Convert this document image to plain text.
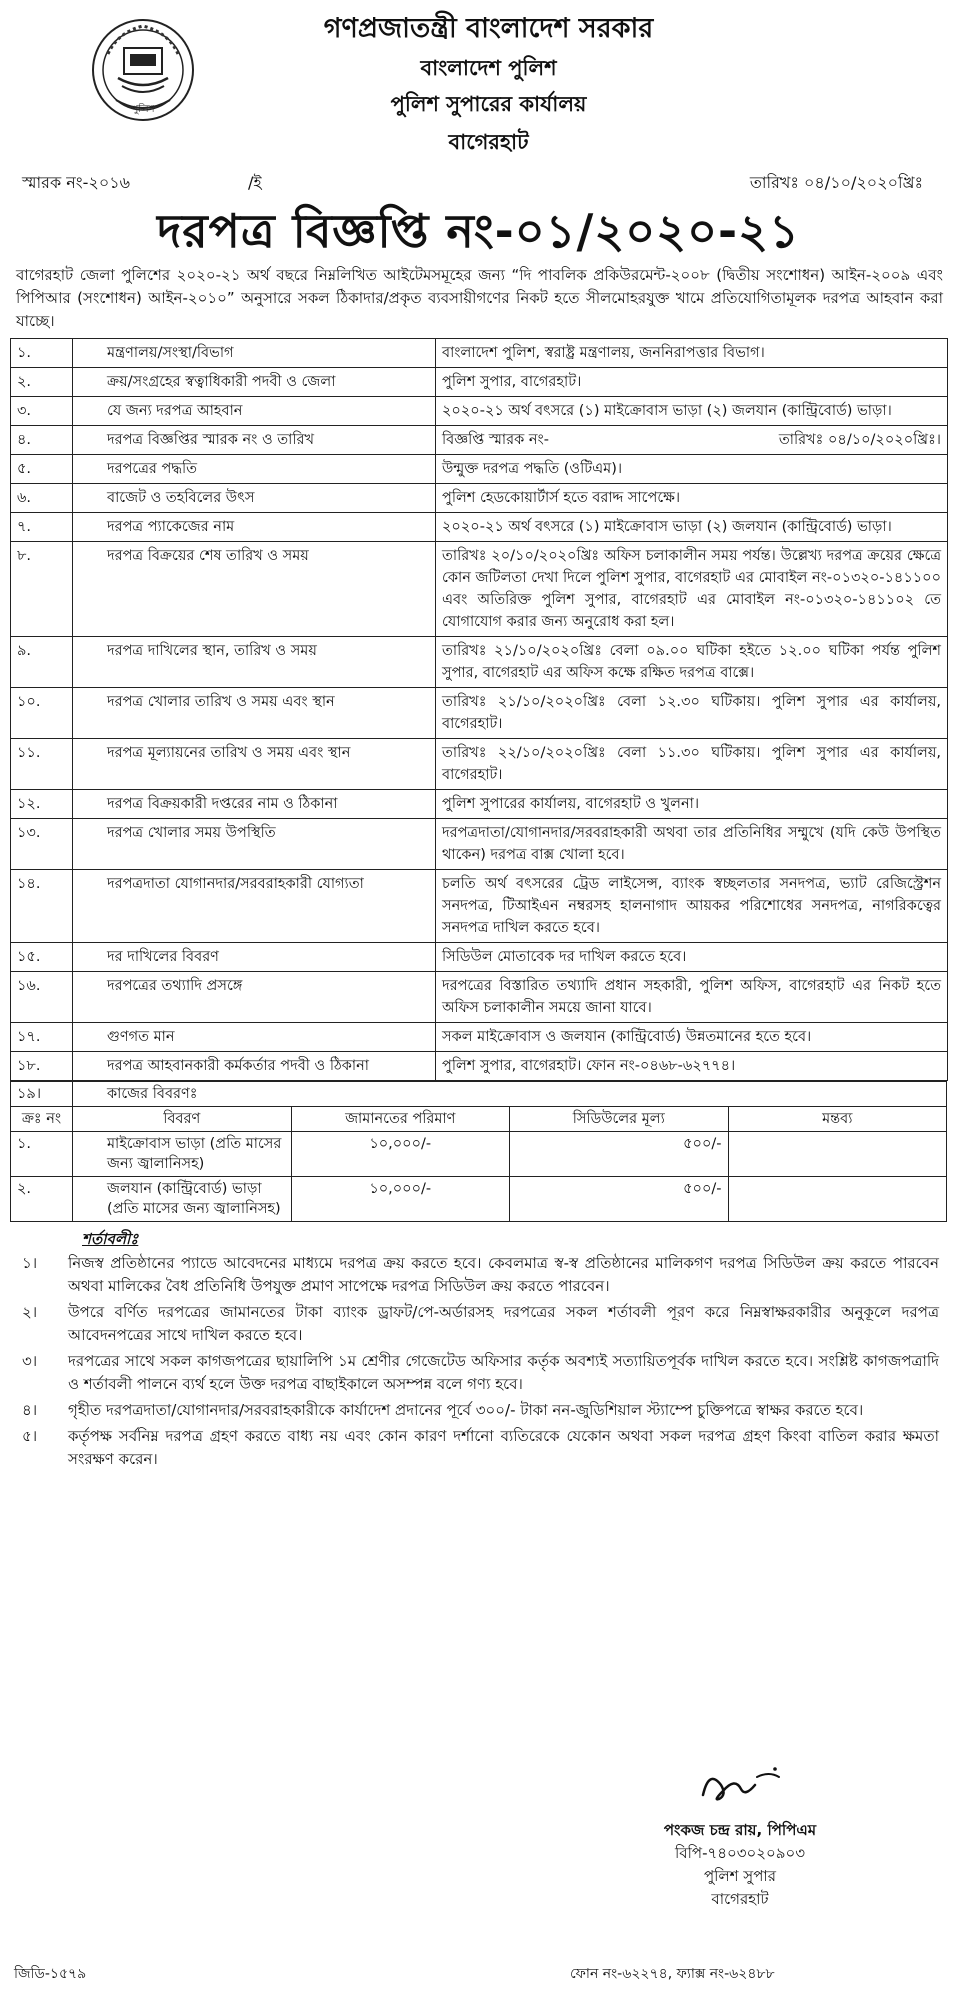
পুলিশ
গণপ্রজাতন্ত্রী বাংলাদেশ সরকার
বাংলাদেশ পুলিশ
পুলিশ সুপারের কার্যালয়
বাগেরহাট
স্মারক নং-২০১৬	/ই	তারিখঃ ০৪/১০/২০২০খ্রিঃ
দরপত্র বিজ্ঞপ্তি নং-০১/২০২০-২১
বাগেরহাট জেলা পুলিশের ২০২০-২১ অর্থ বছরে নিম্নলিখিত আইটেমসমূহের জন্য “দি পাবলিক প্রকিউরমেন্ট-২০০৮ (দ্বিতীয় সংশোধন) আইন-২০০৯ এবং পিপিআর (সংশোধন) আইন-২০১০” অনুসারে সকল ঠিকাদার/প্রকৃত ব্যবসায়ীগণের নিকট হতে সীলমোহরযুক্ত খামে প্রতিযোগিতামূলক দরপত্র আহবান করা যাচ্ছে।
১.	মন্ত্রণালয়/সংস্থা/বিভাগ	বাংলাদেশ পুলিশ, স্বরাষ্ট্র মন্ত্রণালয়, জননিরাপত্তার বিভাগ।
২.	ক্রয়/সংগ্রহের স্বত্বাধিকারী পদবী ও জেলা	পুলিশ সুপার, বাগেরহাট।
৩.	যে জন্য দরপত্র আহবান	২০২০-২১ অর্থ বৎসরে (১) মাইক্রোবাস ভাড়া (২) জলযান (কান্ট্রিবোর্ড) ভাড়া।
৪.	দরপত্র বিজ্ঞপ্তির স্মারক নং ও তারিখ	বিজ্ঞপ্তি স্মারক নং- তারিখঃ ০৪/১০/২০২০খ্রিঃ।

৫.	দরপত্রের পদ্ধতি	উন্মুক্ত দরপত্র পদ্ধতি (ওটিএম)।
৬.	বাজেট ও তহবিলের উৎস	পুলিশ হেডকোয়ার্টার্স হতে বরাদ্দ সাপেক্ষে।
৭.	দরপত্র প্যাকেজের নাম	২০২০-২১ অর্থ বৎসরে (১) মাইক্রোবাস ভাড়া (২) জলযান (কান্ট্রিবোর্ড) ভাড়া।
৮.	দরপত্র বিক্রয়ের শেষ তারিখ ও সময়	তারিখঃ ২০/১০/২০২০খ্রিঃ অফিস চলাকালীন সময় পর্যন্ত। উল্লেখ্য দরপত্র ক্রয়ের ক্ষেত্রে কোন জটিলতা দেখা দিলে পুলিশ সুপার, বাগেরহাট এর মোবাইল নং-০১৩২০-১৪১১০০ এবং অতিরিক্ত পুলিশ সুপার, বাগেরহাট এর মোবাইল নং-০১৩২০-১৪১১০২ তে যোগাযোগ করার জন্য অনুরোধ করা হল।
৯.	দরপত্র দাখিলের স্থান, তারিখ ও সময়	তারিখঃ ২১/১০/২০২০খ্রিঃ বেলা ০৯.০০ ঘটিকা হইতে ১২.০০ ঘটিকা পর্যন্ত পুলিশ সুপার, বাগেরহাট এর অফিস কক্ষে রক্ষিত দরপত্র বাক্সে।
১০.	দরপত্র খোলার তারিখ ও সময় এবং স্থান	তারিখঃ ২১/১০/২০২০খ্রিঃ বেলা ১২.৩০ ঘটিকায়। পুলিশ সুপার এর কার্যালয়, বাগেরহাট।
১১.	দরপত্র মূল্যায়নের তারিখ ও সময় এবং স্থান	তারিখঃ ২২/১০/২০২০খ্রিঃ বেলা ১১.৩০ ঘটিকায়। পুলিশ সুপার এর কার্যালয়, বাগেরহাট।
১২.	দরপত্র বিক্রয়কারী দপ্তরের নাম ও ঠিকানা	পুলিশ সুপারের কার্যালয়, বাগেরহাট ও খুলনা।
১৩.	দরপত্র খোলার সময় উপস্থিতি	দরপত্রদাতা/যোগানদার/সরবরাহকারী অথবা তার প্রতিনিধির সম্মুখে (যদি কেউ উপস্থিত থাকেন) দরপত্র বাক্স খোলা হবে।
১৪.	দরপত্রদাতা যোগানদার/সরবরাহকারী যোগ্যতা	চলতি অর্থ বৎসরের ট্রেড লাইসেন্স, ব্যাংক স্বচ্ছলতার সনদপত্র, ভ্যাট রেজিস্ট্রেশন সনদপত্র, টিআইএন নম্বরসহ হালনাগাদ আয়কর পরিশোধের সনদপত্র, নাগরিকত্বের সনদপত্র দাখিল করতে হবে।
১৫.	দর দাখিলের বিবরণ	সিডিউল মোতাবেক দর দাখিল করতে হবে।
১৬.	দরপত্রের তথ্যাদি প্রসঙ্গে	দরপত্রের বিস্তারিত তথ্যাদি প্রধান সহকারী, পুলিশ অফিস, বাগেরহাট এর নিকট হতে অফিস চলাকালীন সময়ে জানা যাবে।
১৭.	গুণগত মান	সকল মাইক্রোবাস ও জলযান (কান্ট্রিবোর্ড) উন্নতমানের হতে হবে।
১৮.	দরপত্র আহবানকারী কর্মকর্তার পদবী ও ঠিকানা	পুলিশ সুপার, বাগেরহাট। ফোন নং-০৪৬৮-৬২৭৭৪।
১৯।	কাজের বিবরণঃ			
ক্রঃ নং	বিবরণ	জামানতের পরিমাণ	সিডিউলের মূল্য	মন্তব্য
১.	মাইক্রোবাস ভাড়া (প্রতি মাসের জন্য জ্বালানিসহ)	১০,০০০/-	৫০০/-	
২.	জলযান (কান্ট্রিবোর্ড) ভাড়া (প্রতি মাসের জন্য জ্বালানিসহ)	১০,০০০/-	৫০০/-	
শর্তাবলীঃ
১। নিজস্ব প্রতিষ্ঠানের প্যাডে আবেদনের মাধ্যমে দরপত্র ক্রয় করতে হবে। কেবলমাত্র স্ব-স্ব প্রতিষ্ঠানের মালিকগণ দরপত্র সিডিউল ক্রয় করতে পারবেন অথবা মালিকের বৈধ প্রতিনিধি উপযুক্ত প্রমাণ সাপেক্ষে দরপত্র সিডিউল ক্রয় করতে পারবেন।
২। উপরে বর্ণিত দরপত্রের জামানতের টাকা ব্যাংক ড্রাফট/পে-অর্ডারসহ দরপত্রের সকল শর্তাবলী পূরণ করে নিম্নস্বাক্ষরকারীর অনুকূলে দরপত্র আবেদনপত্রের সাথে দাখিল করতে হবে।
৩। দরপত্রের সাথে সকল কাগজপত্রের ছায়ালিপি ১ম শ্রেণীর গেজেটেড অফিসার কর্তৃক অবশ্যই সত্যায়িতপূর্বক দাখিল করতে হবে। সংশ্লিষ্ট কাগজপত্রাদি ও শর্তাবলী পালনে ব্যর্থ হলে উক্ত দরপত্র বাছাইকালে অসম্পন্ন বলে গণ্য হবে।
৪। গৃহীত দরপত্রদাতা/যোগানদার/সরবরাহকারীকে কার্যাদেশ প্রদানের পূর্বে ৩০০/- টাকা নন-জুডিশিয়াল স্ট্যাম্পে চুক্তিপত্রে স্বাক্ষর করতে হবে।
৫। কর্তৃপক্ষ সর্বনিম্ন দরপত্র গ্রহণ করতে বাধ্য নয় এবং কোন কারণ দর্শানো ব্যতিরেকে যেকোন অথবা সকল দরপত্র গ্রহণ কিংবা বাতিল করার ক্ষমতা সংরক্ষণ করেন।
পংকজ চন্দ্র রায়, পিপিএম
বিপি-৭৪০৩০২০৯০৩
পুলিশ সুপার
বাগেরহাট
জিডি-১৫৭৯	ফোন নং-৬২২৭৪, ফ্যাক্স নং-৬২৪৮৮
